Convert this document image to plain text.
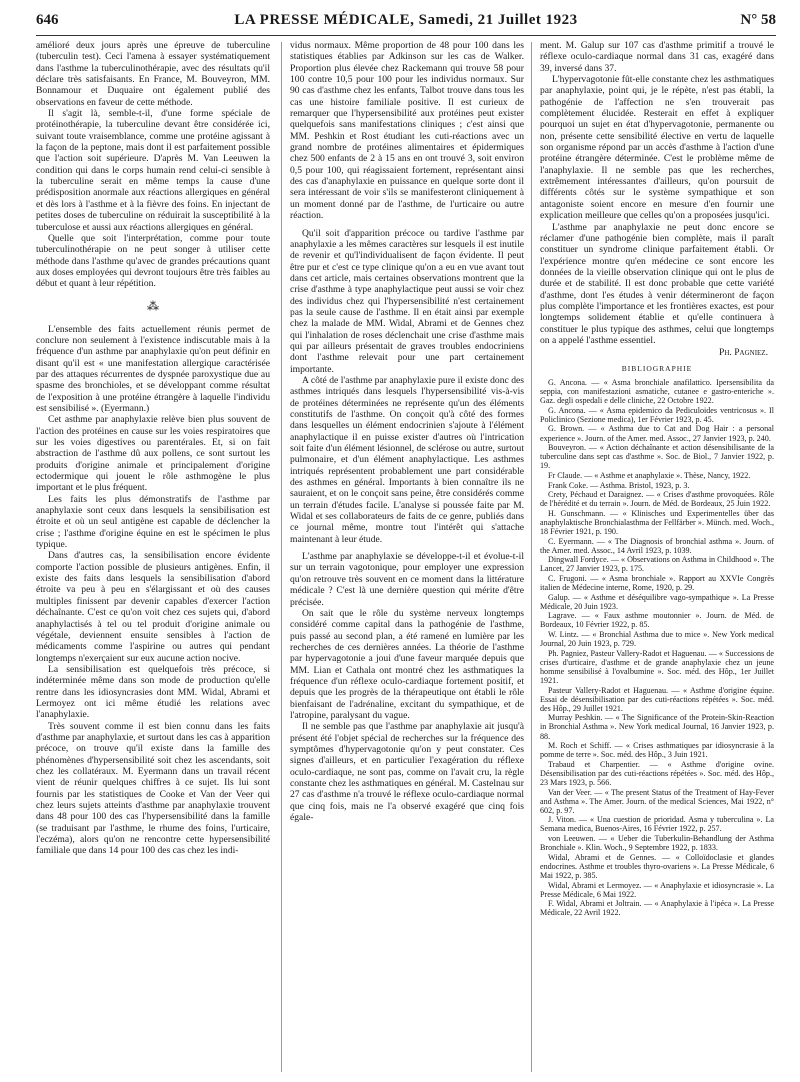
646	LA PRESSE MÉDICALE, Samedi, 21 Juillet 1923	N° 58

amélioré deux jours après une épreuve de tuberculine (tuberculin test). Ceci l'amena à essayer systématiquement dans l'asthme la tuberculinothérapie, avec des résultats qu'il déclare très satisfaisants. En France, M. Bouveyron, MM. Bonnamour et Duquaire ont également publié des observations en faveur de cette méthode.

Il s'agit là, semble-t-il, d'une forme spéciale de protéinothérapie, la tuberculine devant être considérée ici, suivant toute vraisemblance, comme une protéine agissant à la façon de la peptone, mais dont il est parfaitement possible que l'action soit supérieure. D'après M. Van Leeuwen la condition qui dans le corps humain rend celui-ci sensible à la tuberculine serait en même temps la cause d'une prédisposition anormale aux réactions allergiques en général et dès lors à l'asthme et à la fièvre des foins. En injectant de petites doses de tuberculine on réduirait la susceptibilité à la tuberculose et aussi aux réactions allergiques en général.

Quelle que soit l'interprétation, comme pour toute tuberculinothérapie on ne peut songer à utiliser cette méthode dans l'asthme qu'avec de grandes précautions quant aux doses employées qui devront toujours être très faibles au début et quant à leur répétition.

⁂

L'ensemble des faits actuellement réunis permet de conclure non seulement à l'existence indiscutable mais à la fréquence d'un asthme par anaphylaxie qu'on peut définir en disant qu'il est « une manifestation allergique caractérisée par des attaques récurrentes de dyspnée paroxystique due au spasme des bronchioles, et se développant comme résultat de l'exposition à une protéine étrangère à laquelle l'individu est sensibilisé ». (Eyermann.)

Cet asthme par anaphylaxie relève bien plus souvent de l'action des protéines en cause sur les voies respiratoires que sur les voies digestives ou parentérales. Et, si on fait abstraction de l'asthme dû aux pollens, ce sont surtout les produits d'origine animale et principalement d'origine ectodermique qui jouent le rôle asthmogène le plus important et le plus fréquent.

Les faits les plus démonstratifs de l'asthme par anaphylaxie sont ceux dans lesquels la sensibilisation est étroite et où un seul antigène est capable de déclencher la crise ; l'asthme d'origine équine en est le spécimen le plus typique.

Dans d'autres cas, la sensibilisation encore évidente comporte l'action possible de plusieurs antigènes. Enfin, il existe des faits dans lesquels la sensibilisation d'abord étroite va peu à peu en s'élargissant et où des causes multiples finissent par devenir capables d'exercer l'action déchaînante. C'est ce qu'on voit chez ces sujets qui, d'abord anaphylactisés à tel ou tel produit d'origine animale ou végétale, deviennent ensuite sensibles à l'action de médicaments comme l'aspirine ou autres qui pendant longtemps n'exerçaient sur eux aucune action nocive.

La sensibilisation est quelquefois très précoce, si indéterminée même dans son mode de production qu'elle rentre dans les idiosyncrasies dont MM. Widal, Abrami et Lermoyez ont ici même étudié les relations avec l'anaphylaxie.

Très souvent comme il est bien connu dans les faits d'asthme par anaphylaxie, et surtout dans les cas à apparition précoce, on trouve qu'il existe dans la famille des phénomènes d'hypersensibilité soit chez les ascendants, soit chez les collatéraux. M. Eyermann dans un travail récent vient de réunir quelques chiffres à ce sujet. Ils lui sont fournis par les statistiques de Cooke et Van der Veer qui chez leurs sujets atteints d'asthme par anaphylaxie trouvent dans 48 pour 100 des cas l'hypersensibilité dans la famille (se traduisant par l'asthme, le rhume des foins, l'urticaire, l'eczéma), alors qu'on ne rencontre cette hypersensibilité familiale que dans 14 pour 100 des cas chez les indi-

vidus normaux. Même proportion de 48 pour 100 dans les statistiques établies par Adkinson sur les cas de Walker. Proportion plus élevée chez Rackemann qui trouve 58 pour 100 contre 10,5 pour 100 pour les individus normaux. Sur 90 cas d'asthme chez les enfants, Talbot trouve dans tous les cas une histoire familiale positive. Il est curieux de remarquer que l'hypersensibilité aux protéines peut exister quelquefois sans manifestations cliniques ; c'est ainsi que MM. Peshkin et Rost étudiant les cuti-réactions avec un grand nombre de protéines alimentaires et épidermiques chez 500 enfants de 2 à 15 ans en ont trouvé 3, soit environ 0,5 pour 100, qui réagissaient fortement, représentant ainsi des cas d'anaphylaxie en puissance en quelque sorte dont il sera intéressant de voir s'ils se manifesteront cliniquement à un moment donné par de l'asthme, de l'urticaire ou autre réaction.

Qu'il soit d'apparition précoce ou tardive l'asthme par anaphylaxie a les mêmes caractères sur lesquels il est inutile de revenir et qu'l'individualisent de façon évidente. Il peut être pur et c'est ce type clinique qu'on a eu en vue avant tout dans cet article, mais certaines observations montrent que la crise d'asthme à type anaphylactique peut aussi se voir chez des individus chez qui l'hypersensibilité n'est certainement pas la seule cause de l'asthme. Il en était ainsi par exemple chez la malade de MM. Widal, Abrami et de Gennes chez qui l'inhalation de roses déclenchait une crise d'asthme mais qui par ailleurs présentait de graves troubles endocriniens dont l'asthme relevait pour une part certainement importante.

A côté de l'asthme par anaphylaxie pure il existe donc des asthmes intriqués dans lesquels l'hypersensibilité vis-à-vis de protéines déterminées ne représente qu'un des éléments constitutifs de l'asthme. On conçoit qu'à côté des formes dans lesquelles un élément endocrinien s'ajoute à l'élément anaphylactique il en puisse exister d'autres où l'intrication soit faite d'un élément lésionnel, de sclérose ou autre, surtout pulmonaire, et d'un élément anaphylactique. Les asthmes intriqués représentent probablement une part considérable des asthmes en général. Importants à bien connaître ils ne sauraient, et on le conçoit sans peine, être considérés comme un terrain d'études facile. L'analyse si poussée faite par M. Widal et ses collaborateurs de faits de ce genre, publiés dans ce journal même, montre tout l'intérêt qui s'attache maintenant à leur étude.

L'asthme par anaphylaxie se développe-t-il et évolue-t-il sur un terrain vagotonique, pour employer une expression qu'on retrouve très souvent en ce moment dans la littérature médicale ? C'est là une dernière question qui mérite d'être précisée.

On sait que le rôle du système nerveux longtemps considéré comme capital dans la pathogénie de l'asthme, puis passé au second plan, a été ramené en lumière par les recherches de ces dernières années. La théorie de l'asthme par hypervagotonie a joui d'une faveur marquée depuis que MM. Lian et Cathala ont montré chez les asthmatiques la fréquence d'un réflexe oculo-cardiaque fortement positif, et depuis que les progrès de la thérapeutique ont établi le rôle bienfaisant de l'adrénaline, excitant du sympathique, et de l'atropine, paralysant du vague.

Il ne semble pas que l'asthme par anaphylaxie ait jusqu'à présent été l'objet spécial de recherches sur la fréquence des symptômes d'hypervagotonie qu'on y peut constater. Ces signes d'ailleurs, et en particulier l'exagération du réflexe oculo-cardiaque, ne sont pas, comme on l'avait cru, la règle constante chez les asthmatiques en général. M. Castelnau sur 27 cas d'asthme n'a trouvé le réflexe oculo-cardiaque normal que cinq fois, mais ne l'a observé exagéré que cinq fois égale-

ment. M. Galup sur 107 cas d'asthme primitif a trouvé le réflexe oculo-cardiaque normal dans 31 cas, exagéré dans 39, inversé dans 37.

L'hypervagotonie fût-elle constante chez les asthmatiques par anaphylaxie, point qui, je le répète, n'est pas établi, la pathogénie de l'affection ne s'en trouverait pas complètement élucidée. Resterait en effet à expliquer pourquoi un sujet en état d'hypervagotonie, permanente ou non, présente cette sensibilité élective en vertu de laquelle son organisme répond par un accès d'asthme à l'action d'une protéine étrangère déterminée. C'est le problème même de l'anaphylaxie. Il ne semble pas que les recherches, extrêmement intéressantes d'ailleurs, qu'on poursuit de différents côtés sur le système sympathique et son antagoniste soient encore en mesure d'en fournir une explication meilleure que celles qu'on a proposées jusqu'ici.

L'asthme par anaphylaxie ne peut donc encore se réclamer d'une pathogénie bien complète, mais il paraît constituer un syndrome clinique parfaitement établi. Or l'expérience montre qu'en médecine ce sont encore les données de la vieille observation clinique qui ont le plus de durée et de stabilité. Il est donc probable que cette variété d'asthme, dont l'es études à venir détermineront de façon plus complète l'importance et les frontières exactes, est pour longtemps solidement établie et qu'elle continuera à constituer le plus typique des asthmes, celui que longtemps on a appelé l'asthme essentiel.

Ph. Pagniez.
BIBLIOGRAPHIE

G. Ancona. — « Asma bronchiale anafilattico. Ipersensibilita da seppia, con manifestazioni asmatiche, cutanee e gastro-enteriche ». Gaz. degli ospedali e delle cliniche, 22 Octobre 1922.

G. Ancona. — « Asma epidemico da Pediculoides ventricosus ». Il Policlinico (Sezione medica), 1er Février 1923, p. 45.

G. Brown. — « Asthma due to Cat and Dog Hair : a personal experience ». Journ. of the Amer. med. Assoc., 27 Janvier 1923, p. 240.

Bouveyron. — « Action déchaînante et action désensibilisante de la tuberculine dans sept cas d'asthme ». Soc. de Biol., 7 Janvier 1922, p. 19.

Fr Claude. — « Asthme et anaphylaxie ». Thèse, Nancy, 1922.

Frank Coke. — Asthma. Bristol, 1923, p. 3.

Crety, Péchaud et Daraignez. — « Crises d'asthme provoquées. Rôle de l'hérédité et du terrain ». Journ. de Méd. de Bordeaux, 25 Juin 1922.

H. Gunschmann. — « Klinisches und Experimentelles über das anaphylaktische Bronchialasthma der Fellfärber ». Münch. med. Woch., 18 Février 1921, p. 190.

C. Eyermann. — « The Diagnosis of bronchial asthma ». Journ. of the Amer. med. Assoc., 14 Avril 1923, p. 1039.

Dingwall Fordyce. — « Observations on Asthma in Childhood ». The Lancet, 27 Janvier 1923, p. 175.

C. Frugoni. — « Asma bronchiale ». Rapport au XXVIe Congrès italien de Médecine interne, Rome, 1920, p. 29.

Galup. — « Asthme et déséquilibre vago-sympathique ». La Presse Médicale, 20 Juin 1923.

Lagrave. — « Faux asthme moutonnier ». Journ. de Méd. de Bordeaux, 10 Février 1922, p. 85.

W. Lintz. — « Bronchial Asthma due to mice ». New York medical Journal, 20 Juin 1923, p. 729.

Ph. Pagniez, Pasteur Vallery-Radot et Haguenau. — « Successions de crises d'urticaire, d'asthme et de grande anaphylaxie chez un jeune homme sensibilisé à l'ovalbumine ». Soc. méd. des Hôp., 1er Juillet 1921.

Pasteur Vallery-Radot et Haguenau. — « Asthme d'origine équine. Essai de désensibilisation par des cuti-réactions répétées ». Soc. méd. des Hôp., 29 Juillet 1921.

Murray Peshkin. — « The Significance of the Protein-Skin-Reaction in Bronchial Asthma ». New York medical Journal, 16 Janvier 1923, p. 88.

M. Roch et Schiff. — « Crises asthmatiques par idiosyncrasie à la pomme de terre ». Soc. méd. des Hôp., 3 Juin 1921.

Trabaud et Charpentier. — « Asthme d'origine ovine. Désensibilisation par des cuti-réactions répétées ». Soc. méd. des Hôp., 23 Mars 1923, p. 566.

Van der Veer. — « The present Status of the Treatment of Hay-Fever and Asthma ». The Amer. Journ. of the medical Sciences, Mai 1922, n° 602, p. 97.

J. Viton. — « Una cuestion de prioridad. Asma y tuberculina ». La Semana medica, Buenos-Aires, 16 Février 1922, p. 257.

von Leeuwen. — « Ueber die Tuberkulin-Behandlung der Asthma Bronchiale ». Klin. Woch., 9 Septembre 1922, p. 1833.

Widal, Abrami et de Gennes. — « Colloïdoclasie et glandes endocrines. Asthme et troubles thyro-ovariens ». La Presse Médicale, 6 Mai 1922, p. 385.

Widal, Abrami et Lermoyez. — « Anaphylaxie et idiosyncrasie ». La Presse Médicale, 6 Mai 1922.

F. Widal, Abrami et Joltrain. — « Anaphylaxie à l'ipéca ». La Presse Médicale, 22 Avril 1922.
